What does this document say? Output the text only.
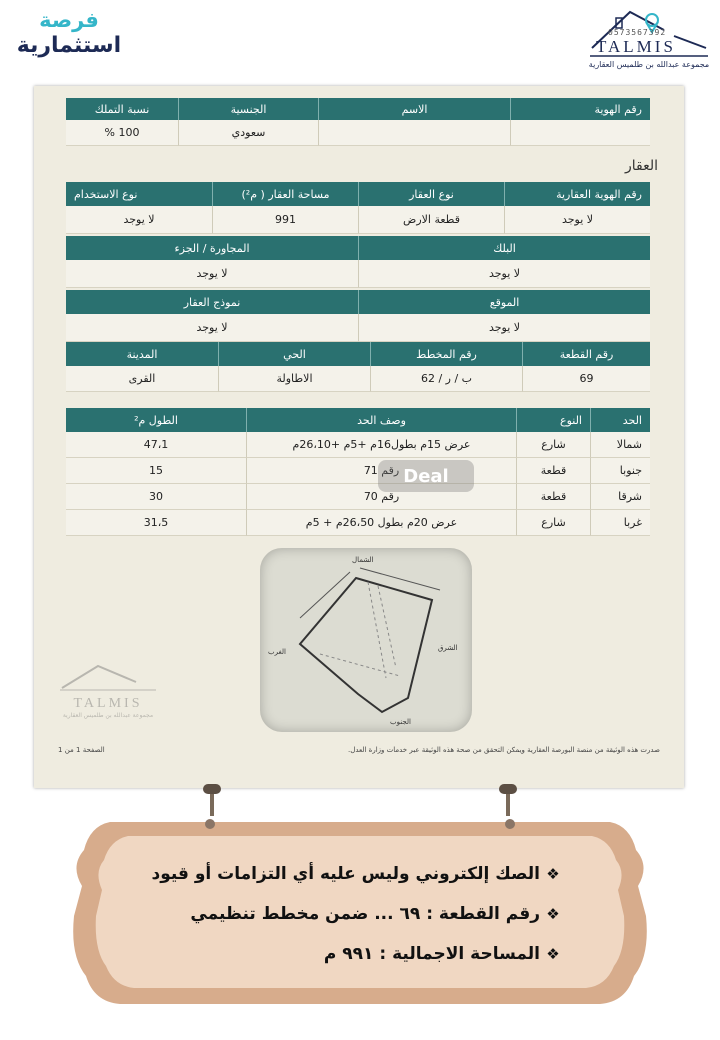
فرصة
استثمارية
0573567392
TALMIS
مجموعة عبدالله بن طلميس العقارية
رقم الهوية
الاسم
الجنسية
نسبة التملك
سعودي
100 %
العقار
رقم الهوية العقارية
نوع العقار
مساحة العقار ( م²)
نوع الاستخدام
لا يوجد
قطعة الارض
991
لا يوجد
البلك
المجاورة / الجزء
لا يوجد
لا يوجد
الموقع
نموذج العقار
لا يوجد
لا يوجد
رقم القطعة
رقم المخطط
الحي
المدينة
69
ب / ر / 62
الاطاولة
القرى
الحد
النوع
وصف الحد
الطول م²
شمالا
شارع
عرض 15م بطول16م +5م +26،10م
47،1
جنوبا
قطعة
رقم 71
15
شرقا
قطعة
رقم 70
30
غربا
شارع
عرض 20م بطول 26،50م + 5م
31،5
Deal
الشمال
الجنوب
الشرق
الغرب
TALMIS
مجموعة عبدالله بن طلميس العقارية
صدرت هذه الوثيقة من منصة البورصة العقارية ويمكن التحقق من صحة هذه الوثيقة عبر خدمات وزارة العدل.
الصفحة 1 من 1
❖
الصك إلكتروني وليس عليه أي التزامات أو قيود
❖
رقم القطعة : ٦٩ ... ضمن مخطط تنظيمي
❖
المساحة الاجمالية : ٩٩١ م
